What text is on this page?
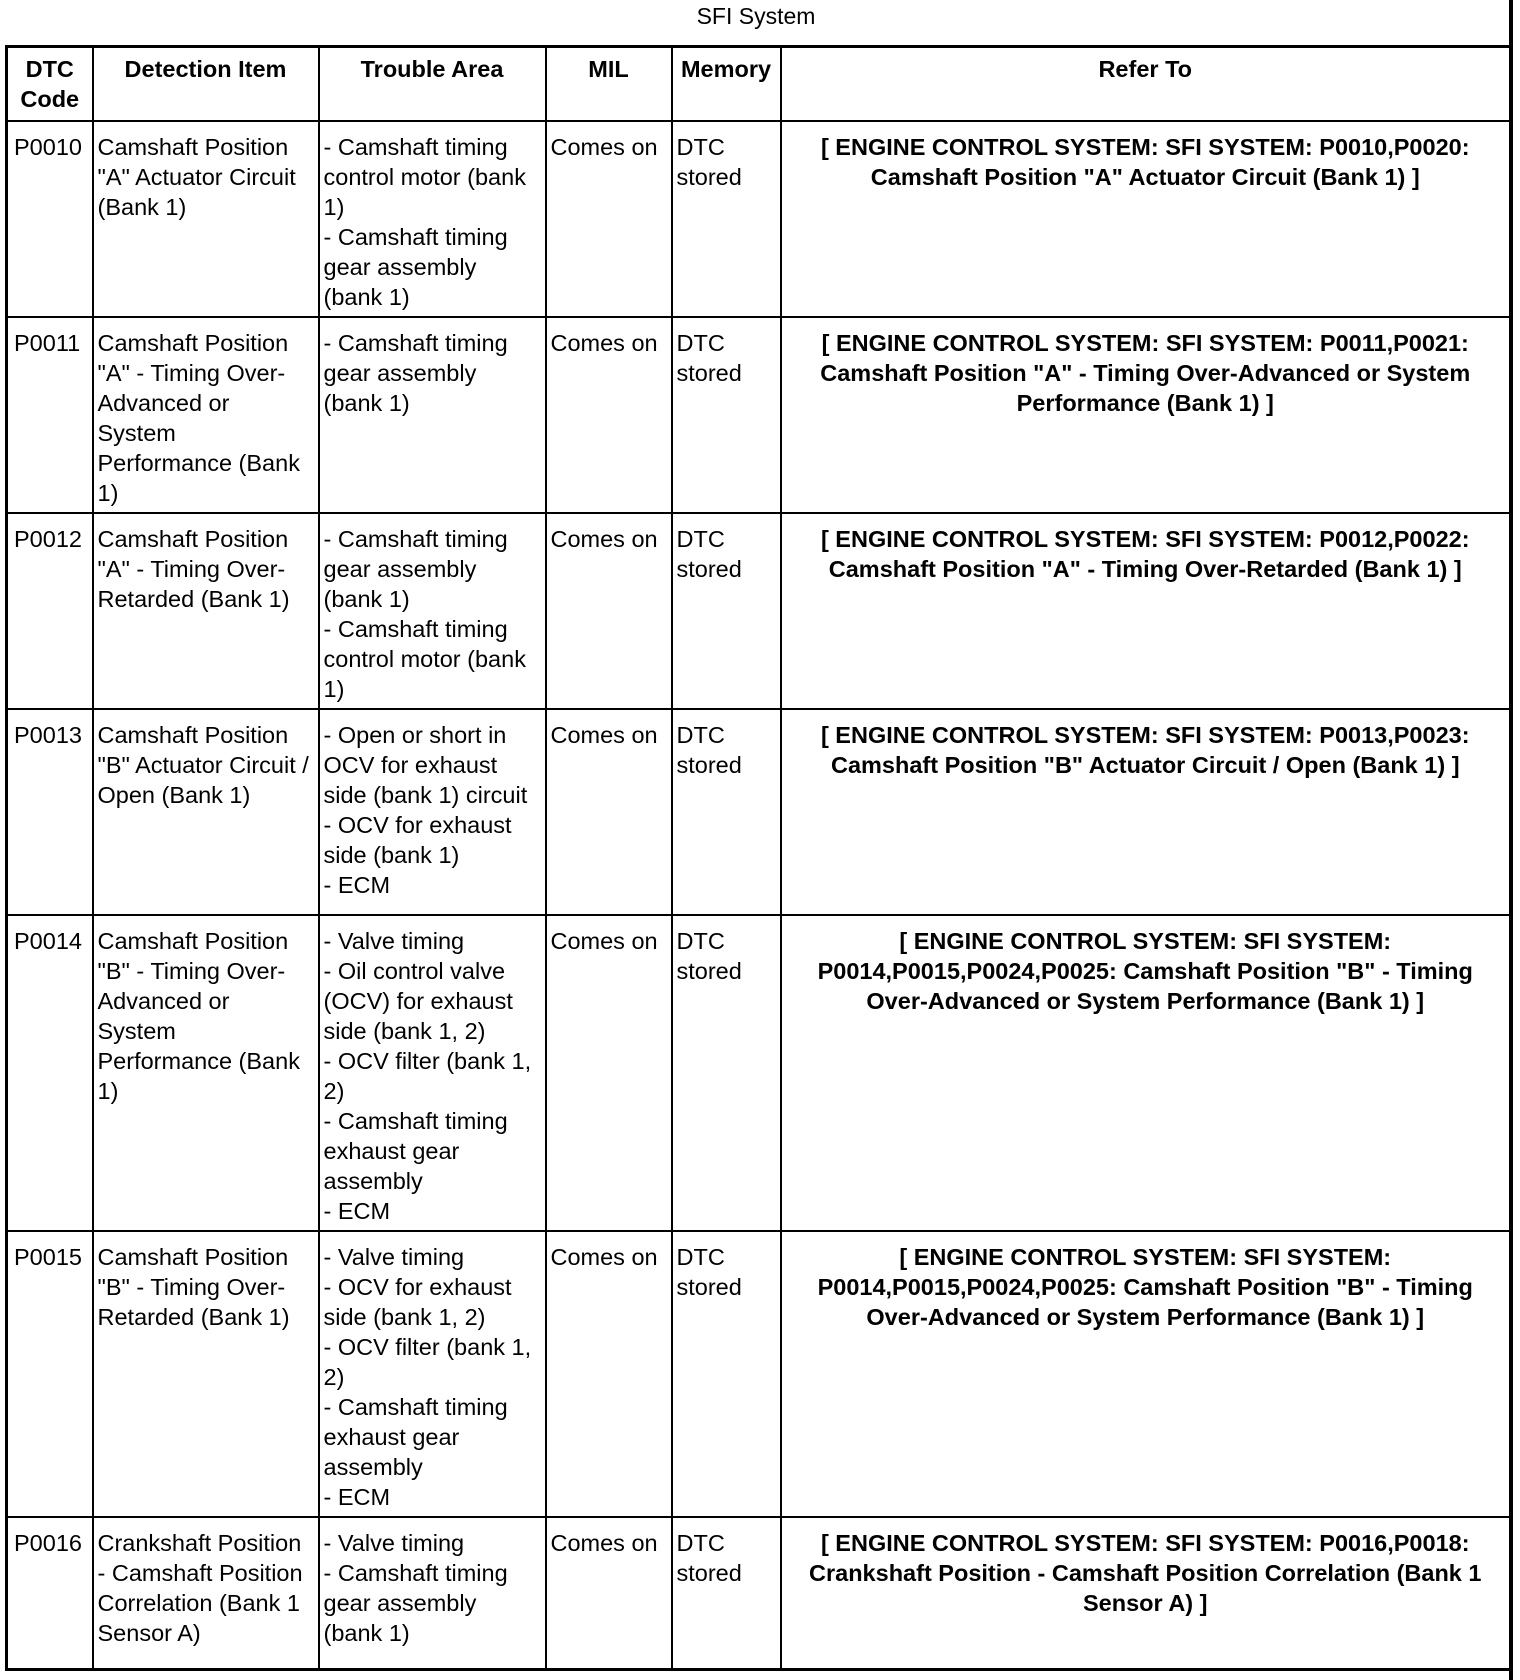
SFI System
DTC Code	Detection Item	Trouble Area	MIL	Memory	Refer To
P0010	Camshaft Position "A" Actuator Circuit (Bank 1)	- Camshaft timing control motor (bank 1)
- Camshaft timing gear assembly (bank 1)	Comes on	DTC stored	[ ENGINE CONTROL SYSTEM: SFI SYSTEM: P0010,P0020: Camshaft Position "A" Actuator Circuit (Bank 1) ]
P0011	Camshaft Position "A" - Timing Over-Advanced or System Performance (Bank 1)	- Camshaft timing gear assembly (bank 1)	Comes on	DTC stored	[ ENGINE CONTROL SYSTEM: SFI SYSTEM: P0011,P0021: Camshaft Position "A" - Timing Over-Advanced or System Performance (Bank 1) ]
P0012	Camshaft Position "A" - Timing Over-Retarded (Bank 1)	- Camshaft timing gear assembly (bank 1)
- Camshaft timing control motor (bank 1)	Comes on	DTC stored	[ ENGINE CONTROL SYSTEM: SFI SYSTEM: P0012,P0022: Camshaft Position "A" - Timing Over-Retarded (Bank 1) ]
P0013	Camshaft Position "B" Actuator Circuit / Open (Bank 1)	- Open or short in OCV for exhaust side (bank 1) circuit
- OCV for exhaust side (bank 1)
- ECM	Comes on	DTC stored	[ ENGINE CONTROL SYSTEM: SFI SYSTEM: P0013,P0023: Camshaft Position "B" Actuator Circuit / Open (Bank 1) ]
P0014	Camshaft Position "B" - Timing Over-Advanced or System Performance (Bank 1)	- Valve timing
- Oil control valve (OCV) for exhaust side (bank 1, 2)
- OCV filter (bank 1, 2)
- Camshaft timing exhaust gear assembly
- ECM	Comes on	DTC stored	[ ENGINE CONTROL SYSTEM: SFI SYSTEM: P0014,P0015,P0024,P0025: Camshaft Position "B" - Timing Over-Advanced or System Performance (Bank 1) ]
P0015	Camshaft Position "B" - Timing Over-Retarded (Bank 1)	- Valve timing
- OCV for exhaust side (bank 1, 2)
- OCV filter (bank 1, 2)
- Camshaft timing exhaust gear assembly
- ECM	Comes on	DTC stored	[ ENGINE CONTROL SYSTEM: SFI SYSTEM: P0014,P0015,P0024,P0025: Camshaft Position "B" - Timing Over-Advanced or System Performance (Bank 1) ]
P0016	Crankshaft Position - Camshaft Position Correlation (Bank 1 Sensor A)	- Valve timing
- Camshaft timing gear assembly (bank 1)	Comes on	DTC stored	[ ENGINE CONTROL SYSTEM: SFI SYSTEM: P0016,P0018: Crankshaft Position - Camshaft Position Correlation (Bank 1 Sensor A) ]
